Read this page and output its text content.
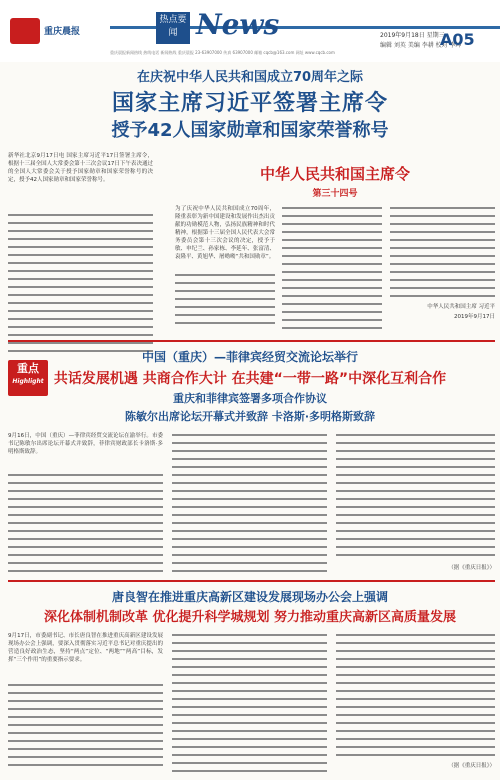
重庆晨报
热点要闻 News	2019年9月18日 星期三
编辑 刘英 美编 李耕 校对 李坤
A05
重庆晨报新闻热线 热线电话 新闻热线 重庆晨报 23-63907000 传真 63907000 邮箱 cqcb@163.com 网址 www.cqcb.com
在庆祝中华人民共和国成立70周年之际
国家主席习近平签署主席令
授予42人国家勋章和国家荣誉称号
新华社北京9月17日电 国家主席习近平17日签署主席令，根据十三届全国人大常委会第十三次会议17日下午表决通过的全国人大常委会关于授予国家勋章和国家荣誉称号的决定，授予42人国家勋章和国家荣誉称号。	中华人民共和国主席令
第三十四号
为了庆祝中华人民共和国成立70周年，隆重表彰为新中国建设和发展作出杰出贡献的功勋模范人物，弘扬民族精神和时代精神，根据第十三届全国人民代表大会常务委员会第十三次会议的决定，授予于敏、申纪兰、孙家栋、李延年、张富清、袁隆平、黄旭华、屠呦呦“共和国勋章”。
中华人民共和国主席 习近平
2019年9月17日
重点
Highlight
中国（重庆）—菲律宾经贸交流论坛举行
共话发展机遇 共商合作大计 在共建“一带一路”中深化互利合作
重庆和菲律宾签署多项合作协议
陈敏尔出席论坛开幕式并致辞 卡洛斯·多明格斯致辞
9月16日，中国（重庆）—菲律宾经贸交流论坛在渝举行。市委书记陈敏尔出席论坛开幕式并致辞，菲律宾财政部长卡洛斯·多明格斯致辞。
（据《重庆日报》）
唐良智在推进重庆高新区建设发展现场办公会上强调
深化体制机制改革 优化提升科学城规划 努力推动重庆高新区高质量发展
9月17日，市委副书记、市长唐良智在推进重庆高新区建设发展现场办公会上强调，要深入贯彻落实习近平总书记对重庆提出的营造良好政治生态，坚持“两点”定位、“两地”“两高”目标，发挥“三个作用”的重要指示要求。
（据《重庆日报》）
